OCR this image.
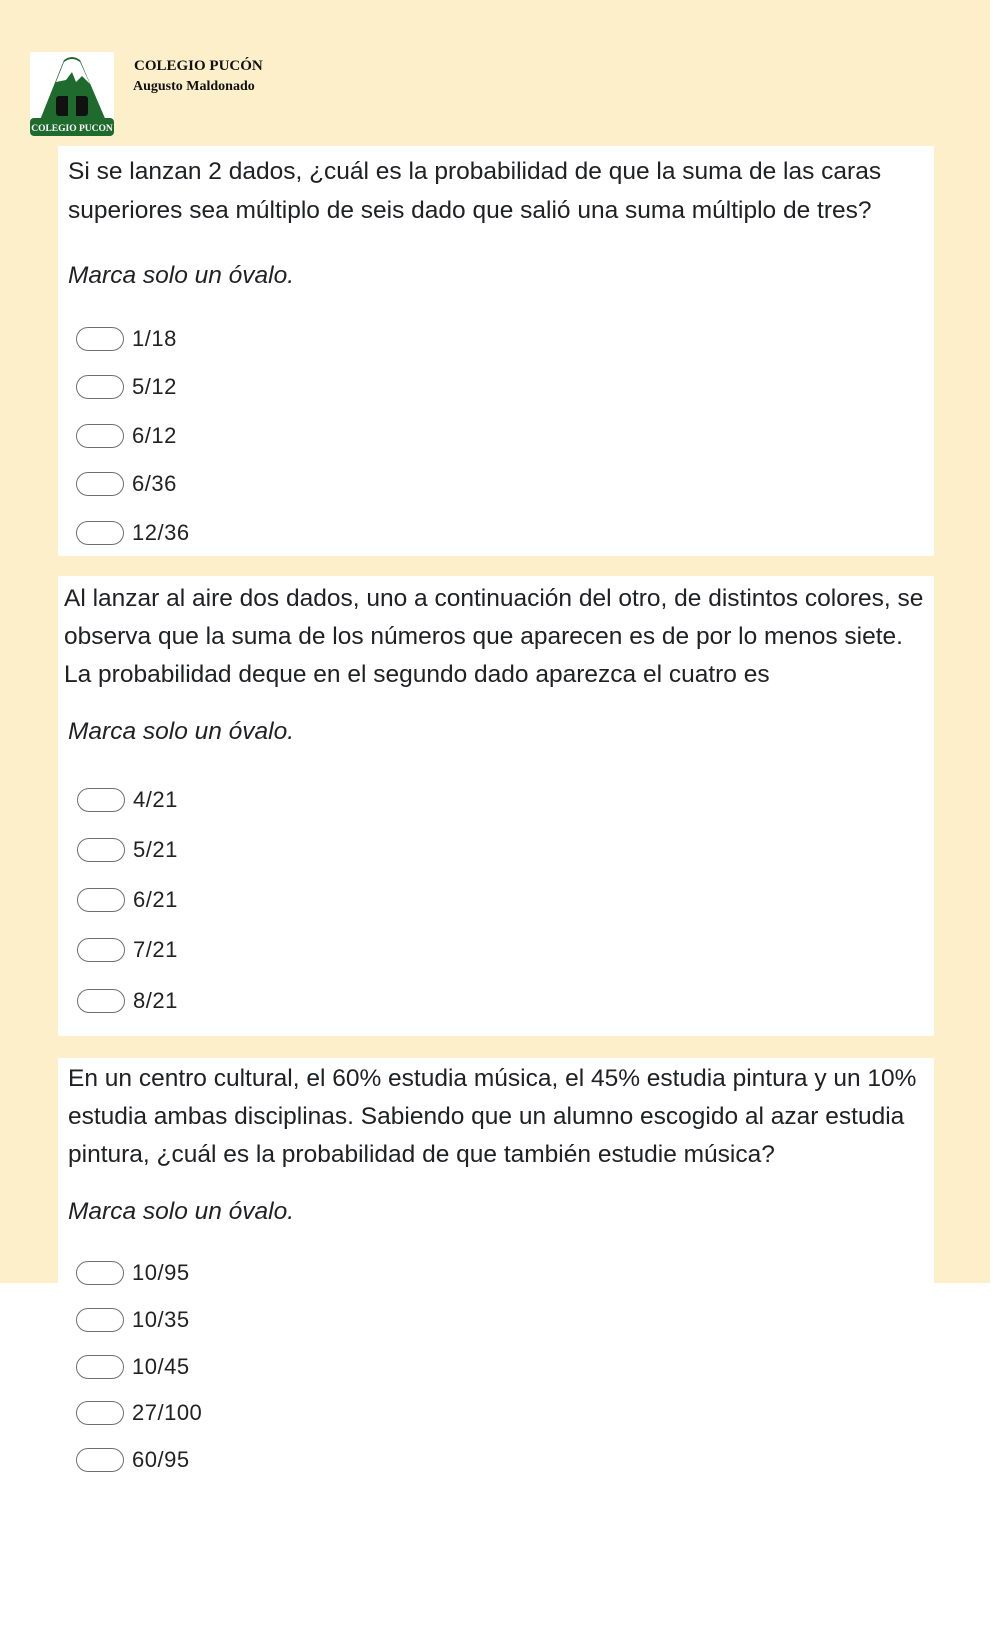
COLEGIO PUCON
COLEGIO PUCÓN
Augusto Maldonado

Si se lanzan 2 dados, ¿cuál es la probabilidad de que la suma de las caras superiores sea múltiplo de seis dado que salió una suma múltiplo de tres?

Marca solo un óvalo.

1/18
5/12
6/12
6/36
12/36

Al lanzar al aire dos dados, uno a continuación del otro, de distintos colores, se observa que la suma de los números que aparecen es de por lo menos siete. La probabilidad deque en el segundo dado aparezca el cuatro es

Marca solo un óvalo.

4/21
5/21
6/21
7/21
8/21

En un centro cultural, el 60% estudia música, el 45% estudia pintura y un 10% estudia ambas disciplinas. Sabiendo que un alumno escogido al azar estudia pintura, ¿cuál es la probabilidad de que también estudie música?

Marca solo un óvalo.

10/95
10/35
10/45
27/100
60/95
